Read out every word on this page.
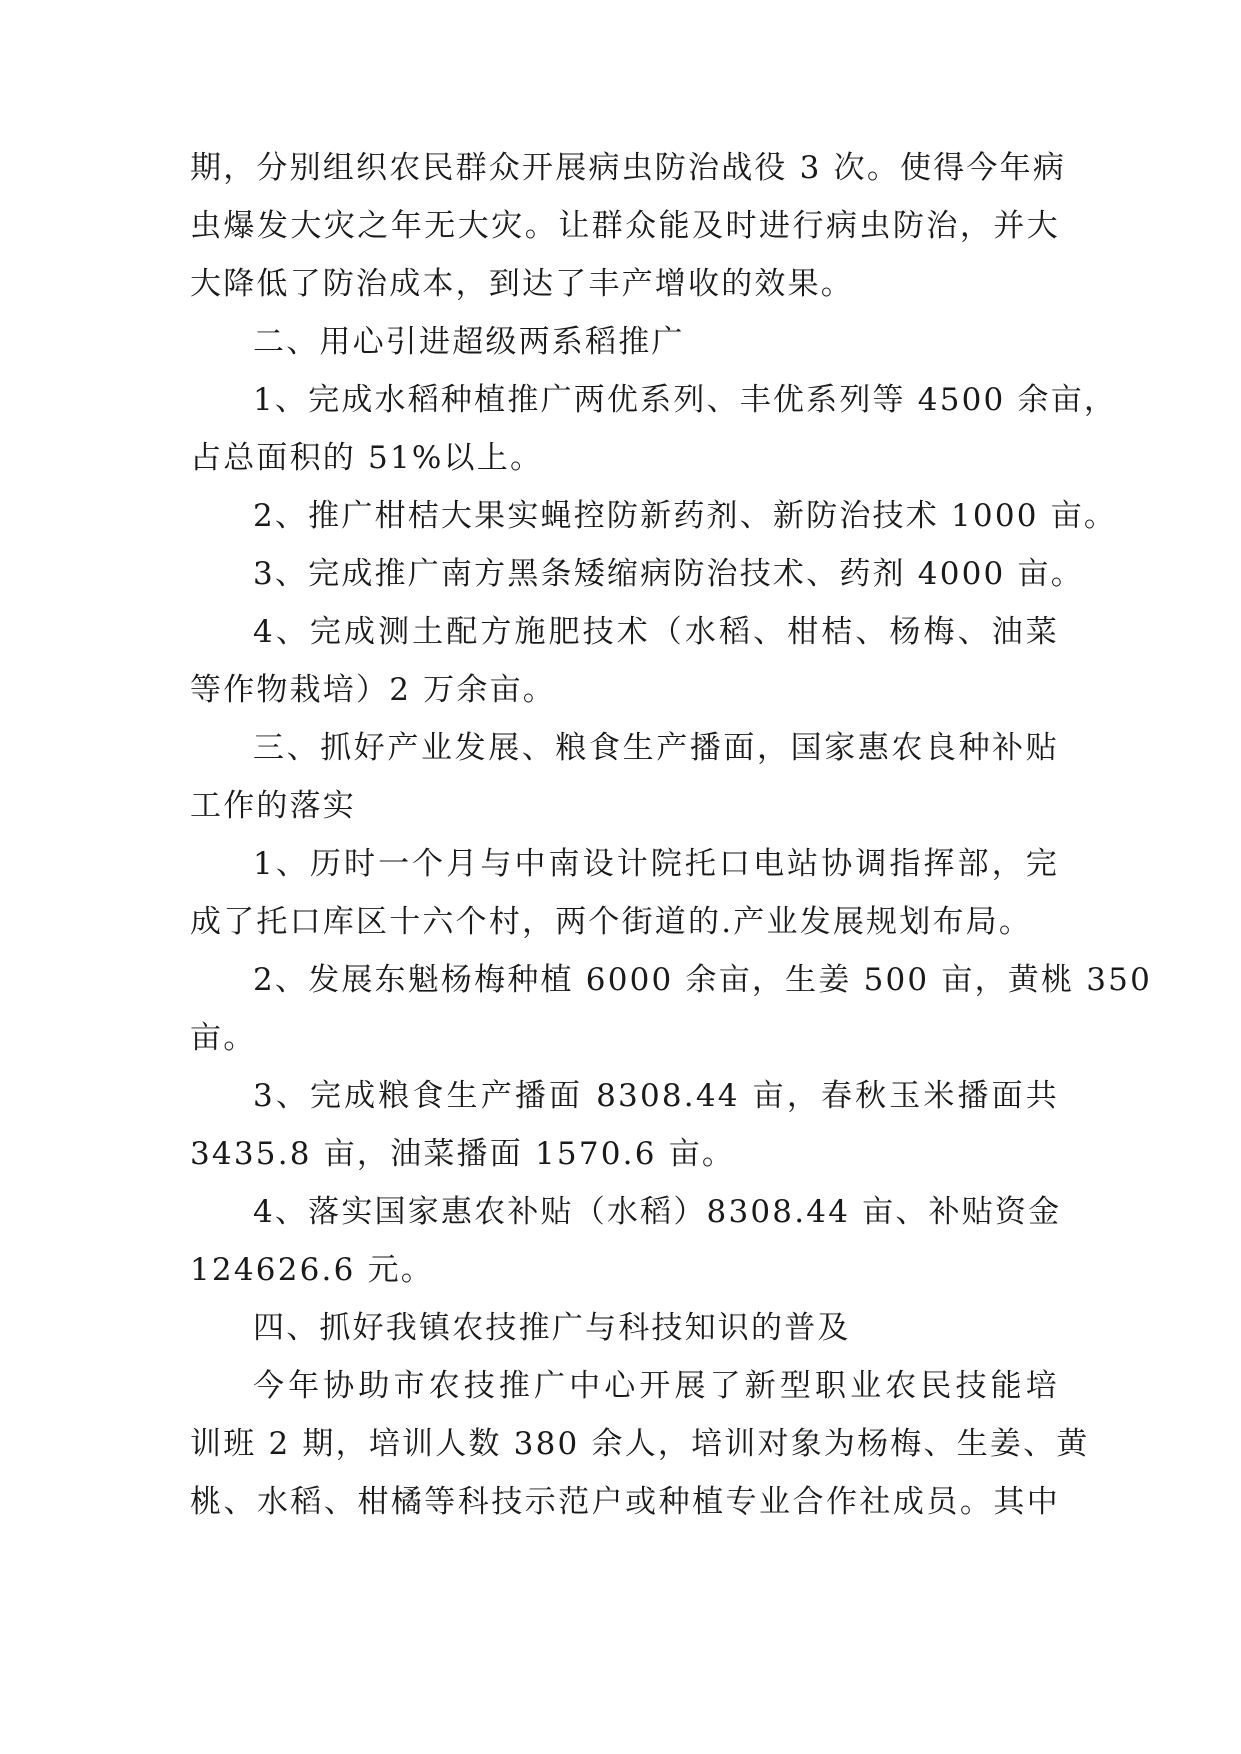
期，分别组织农民群众开展病虫防治战役 3 次。使得今年病
虫爆发大灾之年无大灾。让群众能及时进行病虫防治，并大
大降低了防治成本，到达了丰产增收的效果。
二、用心引进超级两系稻推广
1、完成水稻种植推广两优系列、丰优系列等 4500 余亩，
占总面积的 51%以上。
2、推广柑桔大果实蝇控防新药剂、新防治技术 1000 亩。
3、完成推广南方黑条矮缩病防治技术、药剂 4000 亩。
4、完成测土配方施肥技术（水稻、柑桔、杨梅、油菜
等作物栽培）2 万余亩。
三、抓好产业发展、粮食生产播面，国家惠农良种补贴
工作的落实
1、历时一个月与中南设计院托口电站协调指挥部，完
成了托口库区十六个村，两个街道的.产业发展规划布局。
2、发展东魁杨梅种植 6000 余亩，生姜 500 亩，黄桃 350
亩。
3、完成粮食生产播面 8308.44 亩，春秋玉米播面共
3435.8 亩，油菜播面 1570.6 亩。
4、落实国家惠农补贴（水稻）8308.44 亩、补贴资金
124626.6 元。
四、抓好我镇农技推广与科技知识的普及
今年协助市农技推广中心开展了新型职业农民技能培
训班 2 期，培训人数 380 余人，培训对象为杨梅、生姜、黄
桃、水稻、柑橘等科技示范户或种植专业合作社成员。其中
